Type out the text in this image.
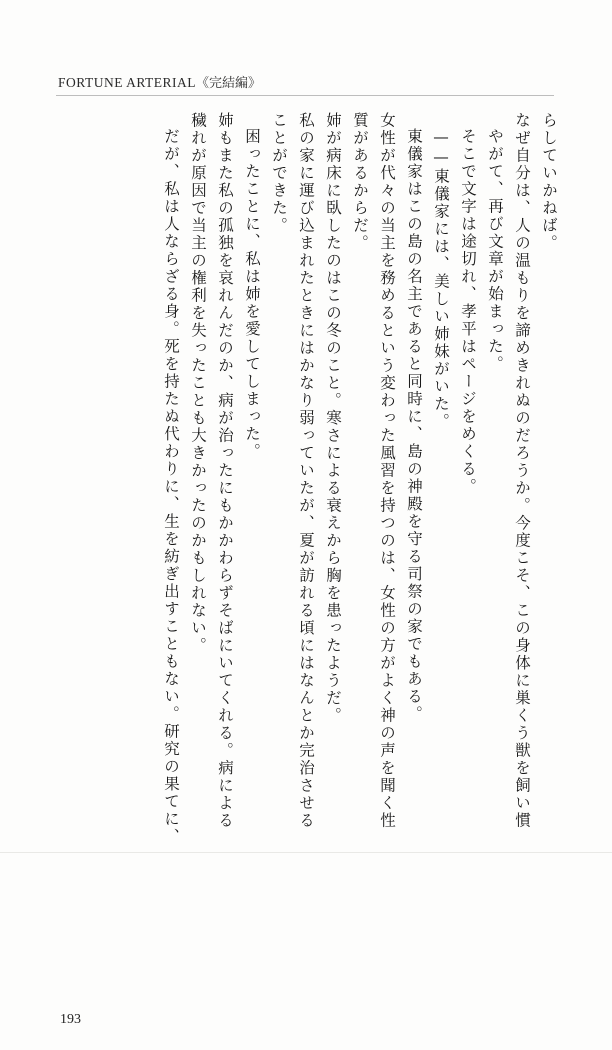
FORTUNE ARTERIAL《完結編》
らしていかねば。
なぜ自分は、人の温もりを諦めきれぬのだろうか。今度こそ、この身体に巣くう獣を飼い慣
やがて、再び文章が始まった。
そこで文字は途切れ、孝平はページをめくる。
——東儀家には、美しい姉妹がいた。
東儀家はこの島の名主であると同時に、島の神殿を守る司祭の家でもある。
女性が代々の当主を務めるという変わった風習を持つのは、女性の方がよく神の声を聞く性
質があるからだ。
姉が病床に臥したのはこの冬のこと。寒さによる衰えから胸を患ったようだ。
私の家に運び込まれたときにはかなり弱っていたが、夏が訪れる頃にはなんとか完治させる
ことができた。
困ったことに、私は姉を愛してしまった。
姉もまた私の孤独を哀れんだのか、病が治ったにもかかわらずそばにいてくれる。病による
穢れが原因で当主の権利を失ったことも大きかったのかもしれない。
だが、私は人ならざる身。死を持たぬ代わりに、生を紡ぎ出すこともない。研究の果てに、
193
